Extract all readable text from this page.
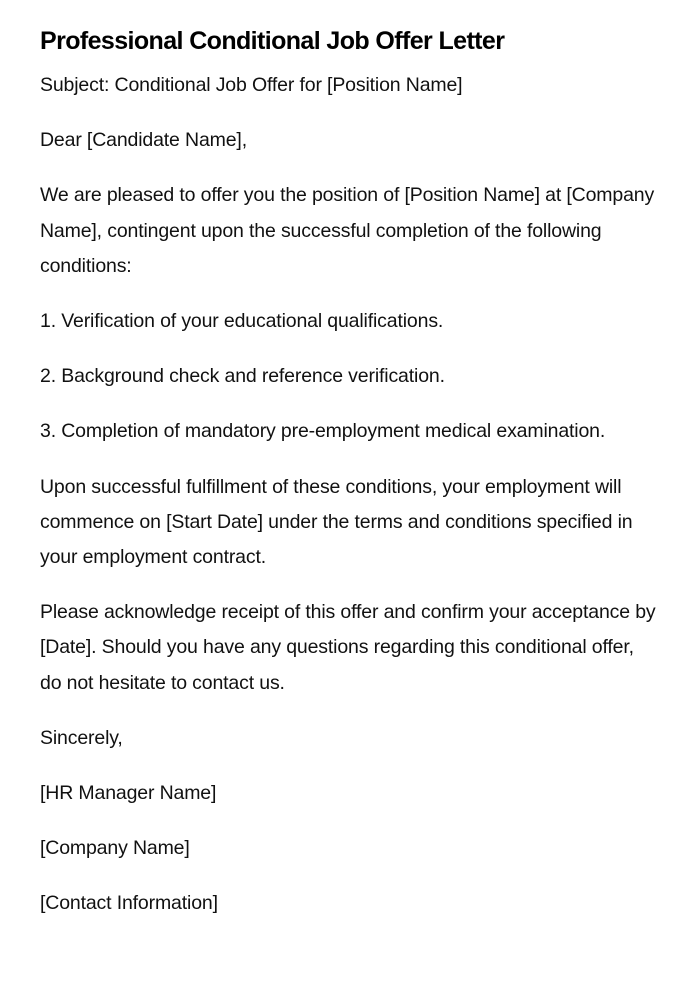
Professional Conditional Job Offer Letter

Subject: Conditional Job Offer for [Position Name]

Dear [Candidate Name],

We are pleased to offer you the position of [Position Name] at [Company Name], contingent upon the successful completion of the following conditions:

1. Verification of your educational qualifications.

2. Background check and reference verification.

3. Completion of mandatory pre-employment medical examination.

Upon successful fulfillment of these conditions, your employment will commence on [Start Date] under the terms and conditions specified in your employment contract.

Please acknowledge receipt of this offer and confirm your acceptance by [Date]. Should you have any questions regarding this conditional offer, do not hesitate to contact us.

Sincerely,

[HR Manager Name]

[Company Name]

[Contact Information]
